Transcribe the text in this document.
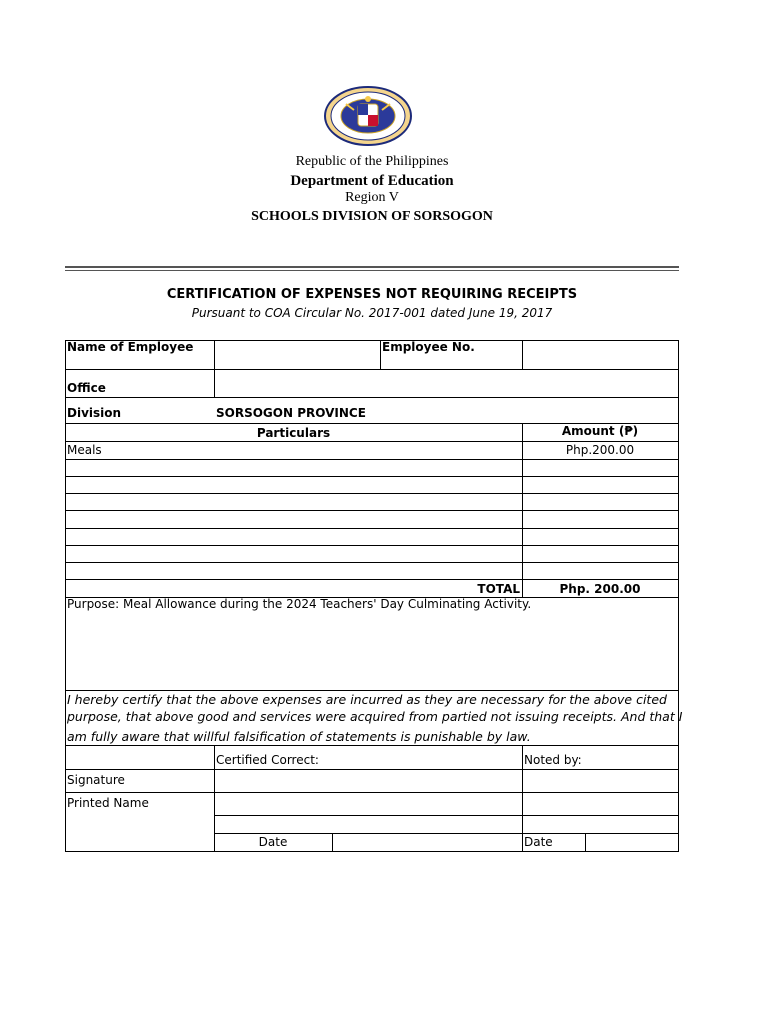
Republic of the Philippines
Department of Education
Region V
SCHOOLS DIVISION OF SORSOGON
CERTIFICATION OF EXPENSES NOT REQUIRING RECEIPTS
Pursuant to COA Circular No. 2017-001 dated June 19, 2017
Name of Employee	Employee No.
Office
Division	SORSOGON PROVINCE
Particulars	Amount (₱)
Meals	Php.200.00
TOTAL	Php. 200.00
Purpose: Meal Allowance during the 2024 Teachers' Day Culminating Activity.
I hereby certify that the above expenses are incurred as they are necessary for the above cited
purpose, that above good and services were acquired from partied not issuing receipts. And that I
am fully aware that willful falsification of statements is punishable by law.
Certified Correct:	Noted by:
Signature
Printed Name
Date	Date
